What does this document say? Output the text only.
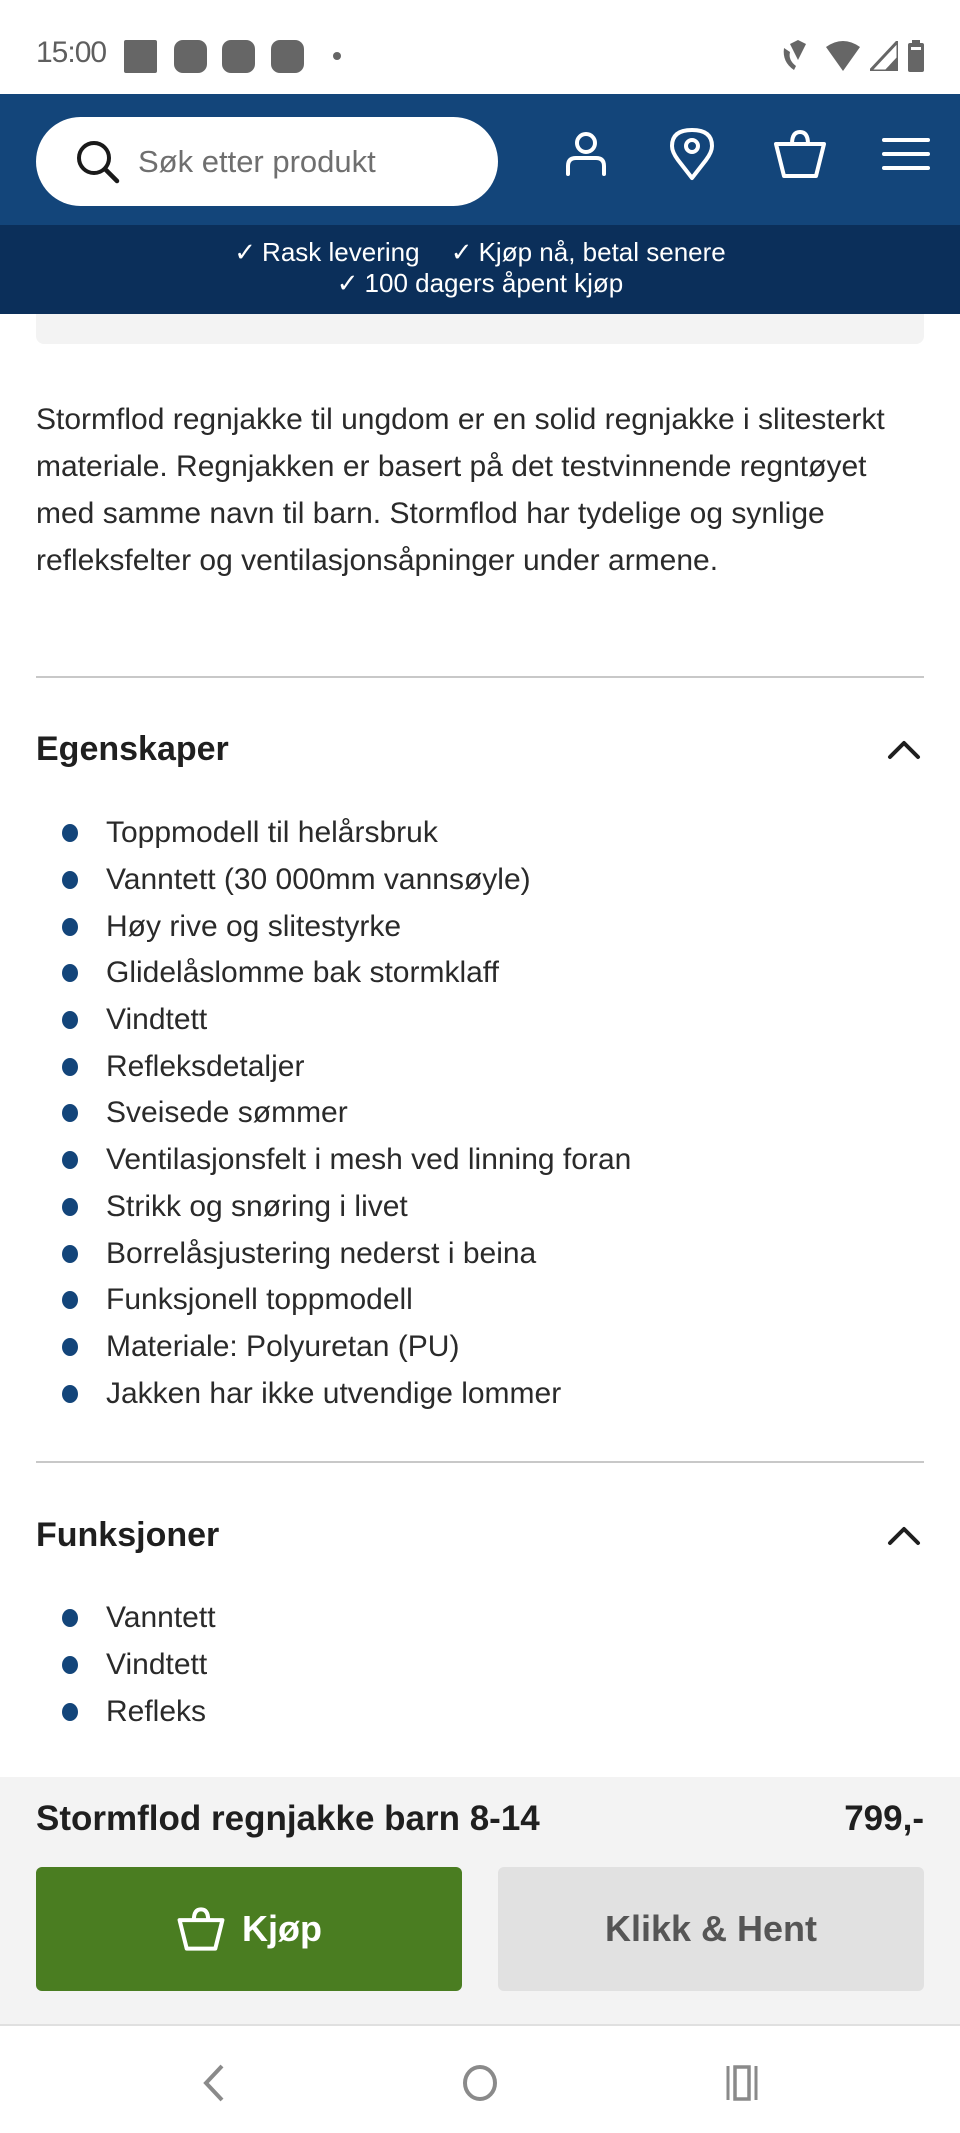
15:00
Søk etter produkt
✓ Rask levering ✓ Kjøp nå, betal senere
✓ 100 dagers åpent kjøp

Stormflod regnjakke til ungdom er en solid regnjakke i slitesterkt materiale. Regnjakken er basert på det testvinnende regntøyet med samme navn til barn. Stormflod har tydelige og synlige refleksfelter og ventilasjonsåpninger under armene.

Egenskaper
Toppmodell til helårsbruk
Vanntett (30 000mm vannsøyle)
Høy rive og slitestyrke
Glidelåslomme bak stormklaff
Vindtett
Refleksdetaljer
Sveisede sømmer
Ventilasjonsfelt i mesh ved linning foran
Strikk og snøring i livet
Borrelåsjustering nederst i beina
Funksjonell toppmodell
Materiale: Polyuretan (PU)
Jakken har ikke utvendige lommer
Funksjoner
Vanntett
Vindtett
Refleks
Stormflod regnjakke barn 8-14	799,-
Kjøp	Klikk & Hent
